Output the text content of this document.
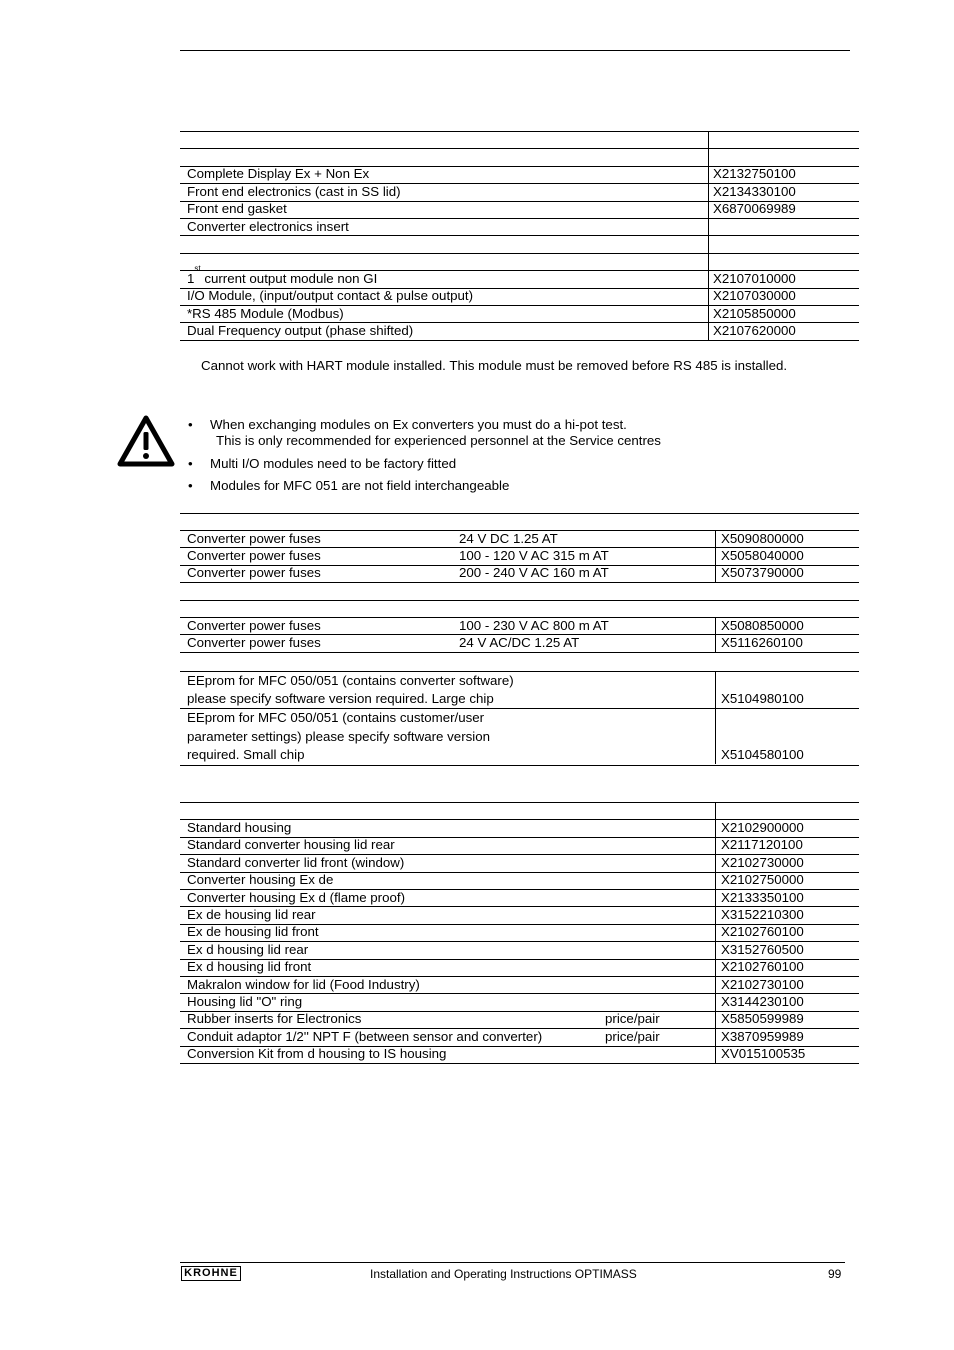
Complete Display Ex + Non Ex	X2132750100
Front end electronics (cast in SS lid)	X2134330100
Front end gasket	X6870069989
Converter electronics insert
1st current output module non GI	X2107010000
I/O Module, (input/output contact & pulse output)	X2107030000
*RS 485 Module (Modbus)	X2105850000
Dual Frequency output (phase shifted)	X2107620000
Cannot work with HART module installed. This module must be removed before RS 485 is installed.
• When exchanging modules on Ex converters you must do a hi-pot test.
This is only recommended for experienced personnel at the Service centres
• Multi I/O modules need to be factory fitted
• Modules for MFC 051 are not field interchangeable
Converter power fuses	24 V DC 1.25 AT	X5090800000
Converter power fuses	100 - 120 V AC 315 m AT	X5058040000
Converter power fuses	200 - 240 V AC 160 m AT	X5073790000
Converter power fuses	100 - 230 V AC 800 m AT	X5080850000
Converter power fuses	24 V AC/DC 1.25 AT	X5116260100
EEprom for MFC 050/051 (contains converter software)
please specify software version required. Large chip	X5104980100
EEprom for MFC 050/051 (contains customer/user
parameter settings) please specify software version
required. Small chip	X5104580100
Standard housing	X2102900000
Standard converter housing lid rear	X2117120100
Standard converter lid front (window)	X2102730000
Converter housing Ex de	X2102750000
Converter housing Ex d (flame proof)	X2133350100
Ex de housing lid rear	X3152210300
Ex de housing lid front	X2102760100
Ex d housing lid rear	X3152760500
Ex d housing lid front	X2102760100
Makralon window for lid (Food Industry)	X2102730100
Housing lid "O" ring	X3144230100
Rubber inserts for Electronics	price/pair	X5850599989
Conduit adaptor 1/2'' NPT F (between sensor and converter)	price/pair	X3870959989
Conversion Kit from d housing to IS housing	XV015100535
KROHNE	Installation and Operating Instructions OPTIMASS	99
